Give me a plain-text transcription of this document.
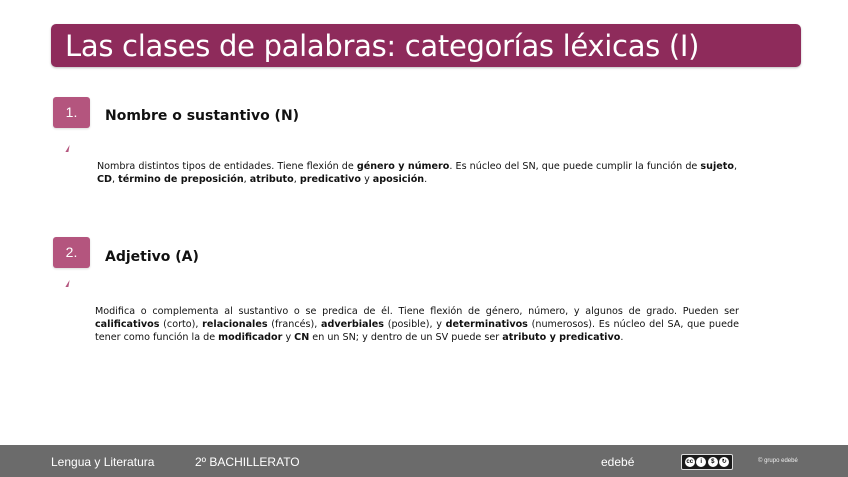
Las clases de palabras: categorías léxicas (I)
1.	Nombre o sustantivo (N)
Nombra distintos tipos de entidades. Tiene flexión de género y número. Es núcleo del SN, que puede cumplir la función de sujeto, CD, término de preposición, atributo, predicativo y aposición.
2.	Adjetivo (A)
Modifica o complementa al sustantivo o se predica de él. Tiene flexión de género, número, y algunos de grado. Pueden ser calificativos (corto), relacionales (francés), adverbiales (posible), y determinativos (numerosos). Es núcleo del SA, que puede tener como función la de modificador y CN en un SN; y dentro de un SV puede ser atributo y predicativo.
Lengua y Literatura	2º BACHILLERATO	edebé	cc	i	$	↻	© grupo edebé
